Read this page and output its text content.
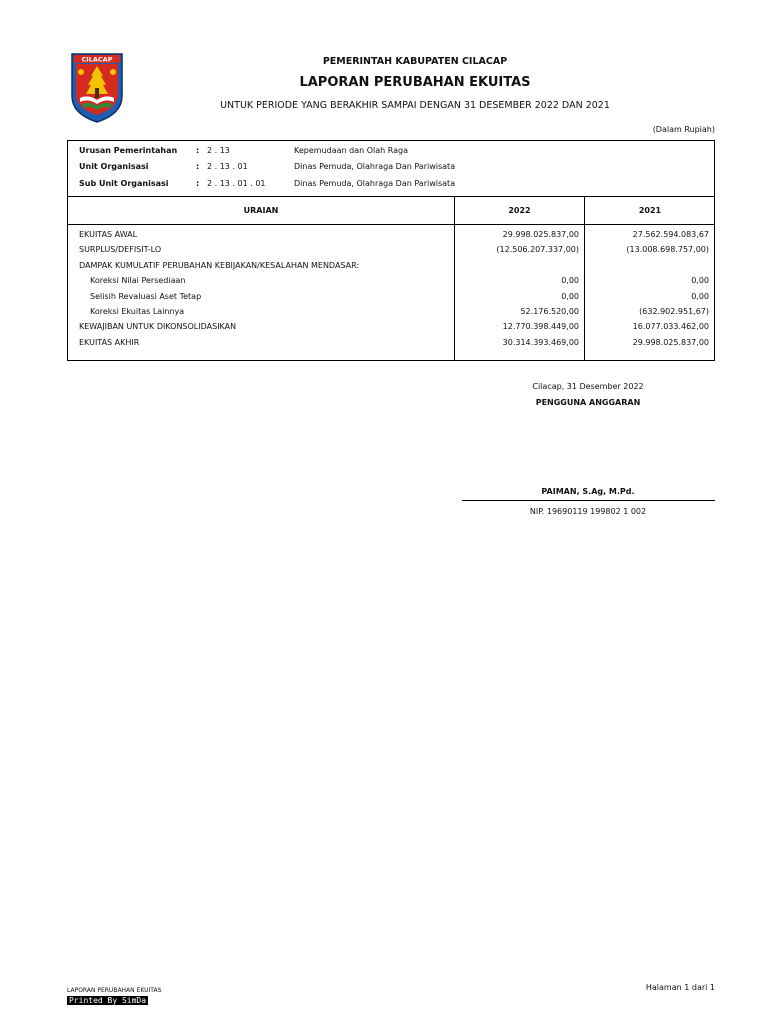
CILACAP	PEMERINTAH KABUPATEN CILACAP
LAPORAN PERUBAHAN EKUITAS
UNTUK PERIODE YANG BERAKHIR SAMPAI DENGAN 31 DESEMBER 2022 DAN 2021
(Dalam Rupiah)
Urusan Pemerintahan : 2 . 13	Kepemudaan dan Olah Raga
Unit Organisasi	: 2 . 13 . 01	Dinas Pemuda, Olahraga Dan Pariwisata
Sub Unit Organisasi	: 2 . 13 . 01 . 01	Dinas Pemuda, Olahraga Dan Pariwisata
URAIAN	2022	2021
EKUITAS AWAL	29.998.025.837,00	27.562.594.083,67
SURPLUS/DEFISIT-LO	(12.506.207.337,00)	(13.008.698.757,00)
DAMPAK KUMULATIF PERUBAHAN KEBIJAKAN/KESALAHAN MENDASAR:
Koreksi Nilai Persediaan	0,00	0,00
Selisih Revaluasi Aset Tetap	0,00	0,00
Koreksi Ekuitas Lainnya	52.176.520,00	(632.902.951,67)
KEWAJIBAN UNTUK DIKONSOLIDASIKAN	12.770.398.449,00	16.077.033.462,00
EKUITAS AKHIR	30.314.393.469,00	29.998.025.837,00
Cilacap, 31 Desember 2022
PENGGUNA ANGGARAN
PAIMAN, S.Ag, M.Pd.
NIP. 19690119 199802 1 002
LAPORAN PERUBAHAN EKUITAS
Printed By SimDa
Halaman 1 dari 1
